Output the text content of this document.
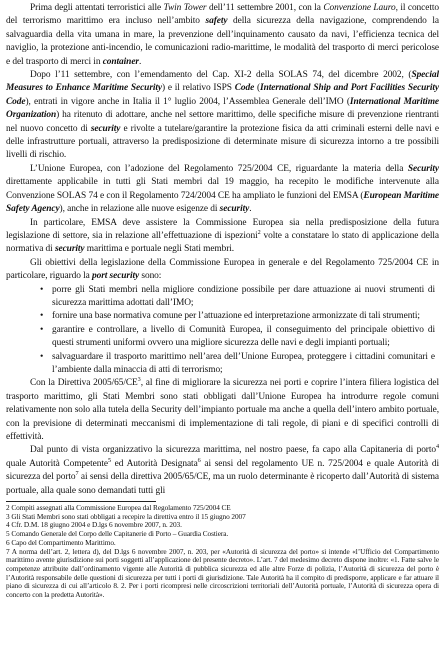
Prima degli attentati terroristici alle Twin Tower dell’11 settembre 2001, con la Convenzione Lauro, il concetto del terrorismo marittimo era incluso nell’ambito safety della sicurezza della navigazione, comprendendo la salvaguardia della vita umana in mare, la prevenzione dell’inquinamento causato da navi, l’efficienza tecnica del naviglio, la protezione anti-incendio, le comunicazioni radio-marittime, le modalità del trasporto di merci pericolose e del trasporto di merci in container.

Dopo l’11 settembre, con l’emendamento del Cap. XI-2 della SOLAS 74, del dicembre 2002, (Special Measures to Enhance Maritime Security) e il relativo ISPS Code (International Ship and Port Facilities Security Code), entrati in vigore anche in Italia il 1° luglio 2004, l’Assemblea Generale dell’IMO (International Maritime Organization) ha ritenuto di adottare, anche nel settore marittimo, delle specifiche misure di prevenzione rientranti nel nuovo concetto di security e rivolte a tutelare/garantire la protezione fisica da atti criminali esterni delle navi e delle infrastrutture portuali, attraverso la predisposizione di determinate misure di sicurezza intorno a tre possibili livelli di rischio.

L’Unione Europea, con l’adozione del Regolamento 725/2004 CE, riguardante la materia della Security direttamente applicabile in tutti gli Stati membri dal 19 maggio, ha recepito le modifiche intervenute alla Convenzione SOLAS 74 e con il Regolamento 724/2004 CE ha ampliato le funzioni del EMSA (European Maritime Safety Agency), anche in relazione alle nuove esigenze di security.

In particolare, EMSA deve assistere la Commissione Europea sia nella predisposizione della futura legislazione di settore, sia in relazione all’effettuazione di ispezioni$^2$ volte a constatare lo stato di applicazione della normativa di security marittima e portuale negli Stati membri.

Gli obiettivi della legislazione della Commissione Europea in generale e del Regolamento 725/2004 CE in particolare, riguardo la port security sono:

• porre gli Stati membri nella migliore condizione possibile per dare attuazione ai nuovi strumenti di sicurezza marittima adottati dall’IMO;
• fornire una base normativa comune per l’attuazione ed interpretazione armonizzate di tali strumenti;
• garantire e controllare, a livello di Comunità Europea, il conseguimento del principale obiettivo di questi strumenti uniformi ovvero una migliore sicurezza delle navi e degli impianti portuali;
• salvaguardare il trasporto marittimo nell’area dell’Unione Europea, proteggere i cittadini comunitari e l’ambiente dalla minaccia di atti di terrorismo;

Con la Direttiva $2005/65/CE^3$, al fine di migliorare la sicurezza nei porti e coprire l’intera filiera logistica del trasporto marittimo, gli Stati Membri sono stati obbligati dall’Unione Europea ha introdurre regole comuni relativamente non solo alla tutela della Security dell’impianto portuale ma anche a quella dell’intero ambito portuale, con la previsione di determinati meccanismi di implementazione di tali regole, di piani e di specifici controlli di effettività.

Dal punto di vista organizzativo la sicurezza marittima, nel nostro paese, fa capo alla Capitaneria di porto$^4$ quale Autorità Competente$^5$ ed Autorità Designata$^6$ ai sensi del regolamento UE n. 725/2004 e quale Autorità di sicurezza del porto$^7$ ai sensi della direttiva 2005/65/CE, ma un ruolo determinante è ricoperto dall’Autorità di sistema portuale, alla quale sono demandati tutti gli

2 Compiti assegnati alla Commissione Europea dal Regolamento 725/2004 CE

3 Gli Stati Membri sono stati obbligati a recepire la direttiva entro il 15 giugno 2007

4 Cfr. D.M. 18 giugno 2004 e D.lgs 6 novembre 2007, n. 203.

5 Comando Generale del Corpo delle Capitanerie di Porto – Guardia Costiera.

6 Capo del Compartimento Marittimo.

7 A norma dell’art. 2, lettera d), del D.lgs 6 novembre 2007, n. 203, per «Autorità di sicurezza del porto» si intende «l’Ufficio del Compartimento marittimo avente giurisdizione sui porti soggetti all’applicazione del presente decreto». L’art. 7 del medesimo decreto dispone inoltre: «1. Fatte salve le competenze attribuite dall’ordinamento vigente alle Autorità di pubblica sicurezza ed alle altre Forze di polizia, l’Autorità di sicurezza del porto è l’Autorità responsabile delle questioni di sicurezza per tutti i porti di giurisdizione. Tale Autorità ha il compito di predisporre, applicare e far attuare il piano di sicurezza di cui all’articolo 8. 2. Per i porti ricompresi nelle circoscrizioni territoriali dell’Autorità portuale, l’Autorità di sicurezza opera di concerto con la predetta Autorità».
